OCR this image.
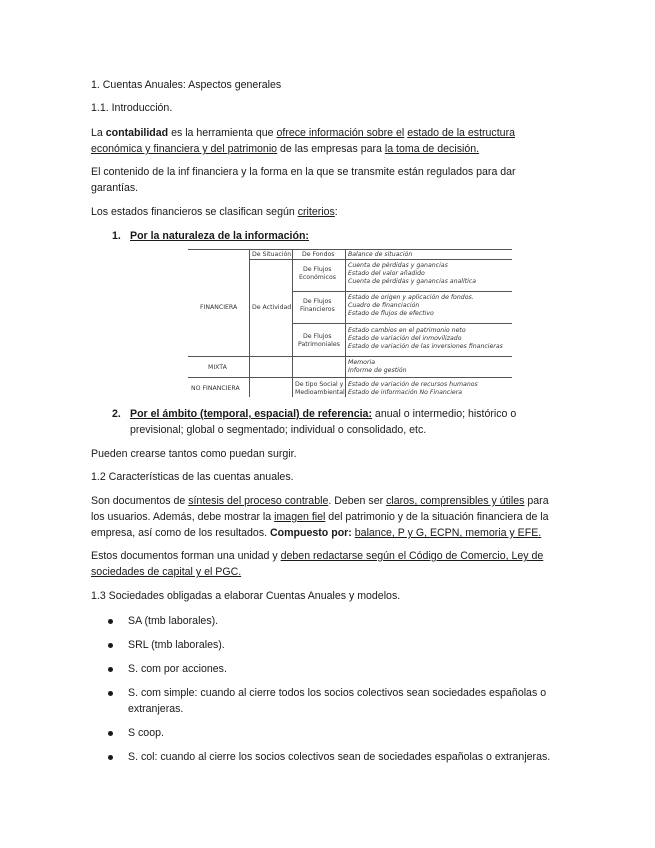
1. Cuentas Anuales: Aspectos generales
1.1. Introducción.
La contabilidad es la herramienta que ofrece información sobre el estado de la estructura
económica y financiera y del patrimonio de las empresas para la toma de decisión.
El contenido de la inf financiera y la forma en la que se transmite están regulados para dar
garantías.
Los estados financieros se clasifican según criterios:
1. Por la naturaleza de la información:
De Situación De Fondos Balance de situación
FINANCIERA De Actividad
De Flujos
Económicos
Cuenta de pérdidas y ganancias
Estado del valor añadido
Cuenta de pérdidas y ganancias analítica
De Flujos
Financieros
Estado de origen y aplicación de fondos.
Cuadro de financiación
Estado de flujos de efectivo
De Flujos
Patrimoniales
Estado cambios en el patrimonio neto
Estado de variación del inmovilizado
Estado de variación de las inversiones financieras
MIXTA
Memoria
Informe de gestión
NO FINANCIERA
De tipo Social y
Medioambiental
Estado de variación de recursos humanos
Estado de información No Financiera
2. Por el ámbito (temporal, espacial) de referencia: anual o intermedio; histórico o
previsional; global o segmentado; individual o consolidado, etc.
Pueden crearse tantos como puedan surgir.
1.2 Características de las cuentas anuales.
Son documentos de síntesis del proceso contrable. Deben ser claros, comprensibles y útiles para
los usuarios. Además, debe mostrar la imagen fiel del patrimonio y de la situación financiera de la
empresa, así como de los resultados. Compuesto por: balance, P y G, ECPN, memoria y EFE.
Estos documentos forman una unidad y deben redactarse según el Código de Comercio, Ley de
sociedades de capital y el PGC.
1.3 Sociedades obligadas a elaborar Cuentas Anuales y modelos.
SA (tmb laborales).
SRL (tmb laborales).
S. com por acciones.
S. com simple: cuando al cierre todos los socios colectivos sean sociedades españolas o
extranjeras.
S coop.
S. col: cuando al cierre los socios colectivos sean de sociedades españolas o extranjeras.
